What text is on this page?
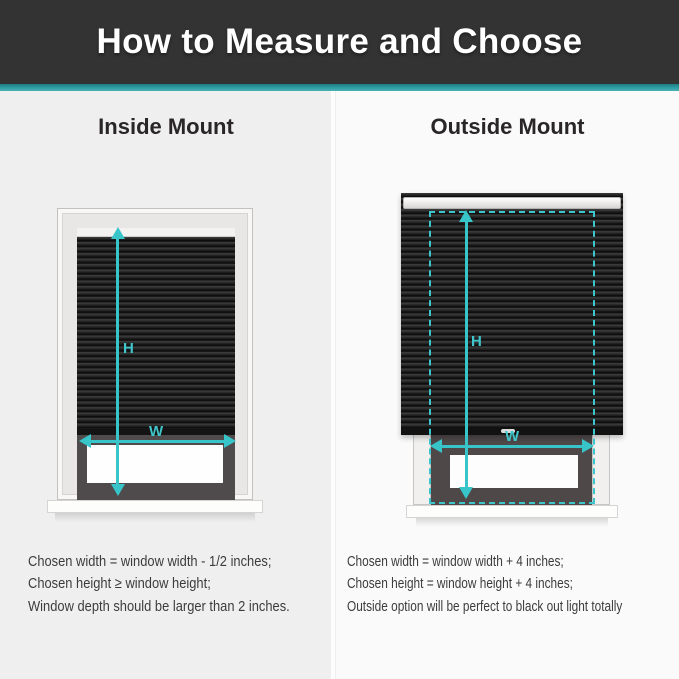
How to Measure and Choose
Inside Mount	Outside Mount
H
W
H
W

Chosen width = window width - 1/2 inches;

Chosen height ≥ window height;

Window depth should be larger than 2 inches.

Chosen width = window width + 4 inches;

Chosen height = window height + 4 inches;

Outside option will be perfect to black out light totally
